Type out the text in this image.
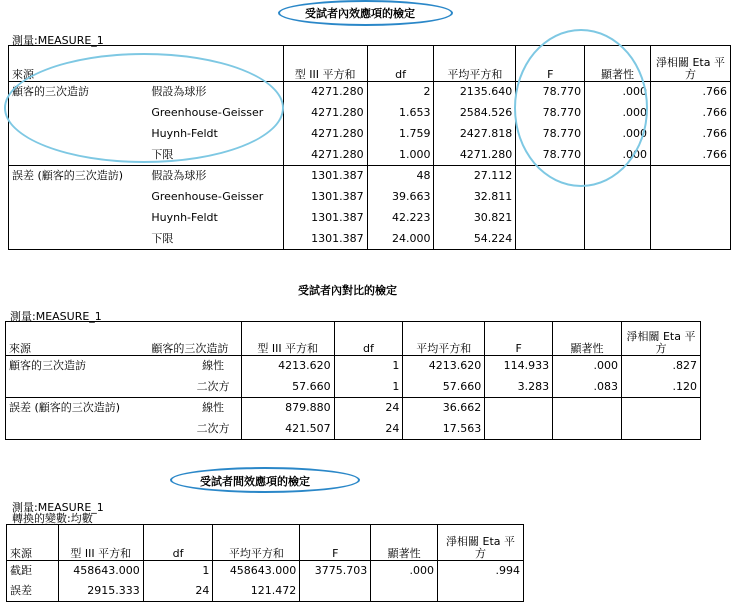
受試者內效應項的檢定
測量:MEASURE_1
來源		型 III 平方和	df	平均平方和	F	顯著性	淨相關 Eta 平
方

顧客的三次造訪	假設為球形	4271.280	2	2135.640	78.770	.000	.766
	Greenhouse-Geisser	4271.280	1.653	2584.526	78.770	.000	.766
	Huynh-Feldt	4271.280	1.759	2427.818	78.770	.000	.766
	下限	4271.280	1.000	4271.280	78.770	.000	.766
誤差 (顧客的三次造訪)	假設為球形	1301.387	48	27.112			
	Greenhouse-Geisser	1301.387	39.663	32.811			
	Huynh-Feldt	1301.387	42.223	30.821			
	下限	1301.387	24.000	54.224			
受試者內對比的檢定
測量:MEASURE_1
來源	顧客的三次造訪	型 III 平方和	df	平均平方和	F	顯著性	淨相關 Eta 平
方

顧客的三次造訪	線性	4213.620	1	4213.620	114.933	.000	.827
	二次方	57.660	1	57.660	3.283	.083	.120
誤差 (顧客的三次造訪)	線性	879.880	24	36.662			
	二次方	421.507	24	17.563			
受試者間效應項的檢定
測量:MEASURE_1
轉換的變數:均數
來源	型 III 平方和	df	平均平方和	F	顯著性	淨相關 Eta 平
方

截距	458643.000	1	458643.000	3775.703	.000	.994
誤差	2915.333	24	121.472			
